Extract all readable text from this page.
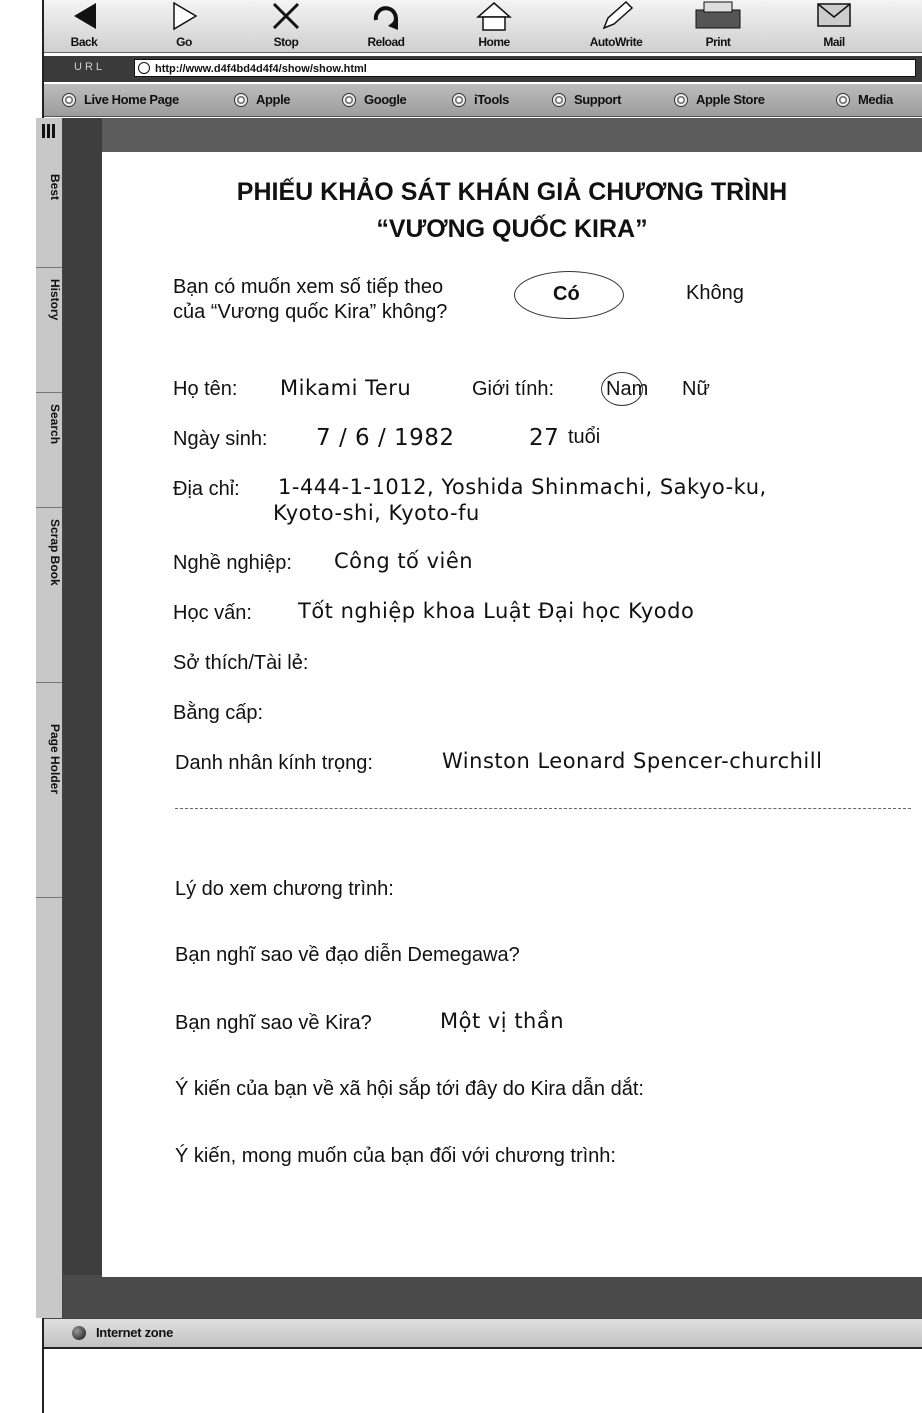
Back	Go	Stop	Reload	Home	AutoWrite	Print	Mail
URL	http://www.d4f4bd4d4f4/show/show.html
Live Home Page	Apple	Google	iTools	Support	Apple Store	Media
Best
History
Search
Scrap Book
Page Holder
PHIẾU KHẢO SÁT KHÁN GIẢ CHƯƠNG TRÌNH
“VƯƠNG QUỐC KIRA”
Bạn có muốn xem số tiếp theo
của “Vương quốc Kira” không?
Có	Không
Họ tên: Mikami Teru	Giới tính:	Nam Nữ
Ngày sinh: 7 / 6 / 1982	27 tuổi
Địa chỉ: 1-444-1-1012, Yoshida Shinmachi, Sakyo-ku,
Kyoto-shi, Kyoto-fu
Nghề nghiệp: Công tố viên
Học vấn: Tốt nghiệp khoa Luật Đại học Kyodo
Sở thích/Tài lẻ:
Bằng cấp:
Danh nhân kính trọng:	Winston Leonard Spencer-churchill
Lý do xem chương trình:
Bạn nghĩ sao về đạo diễn Demegawa?
Bạn nghĩ sao về Kira?	Một vị thần
Ý kiến của bạn về xã hội sắp tới đây do Kira dẫn dắt:
Ý kiến, mong muốn của bạn đối với chương trình:
Internet zone
